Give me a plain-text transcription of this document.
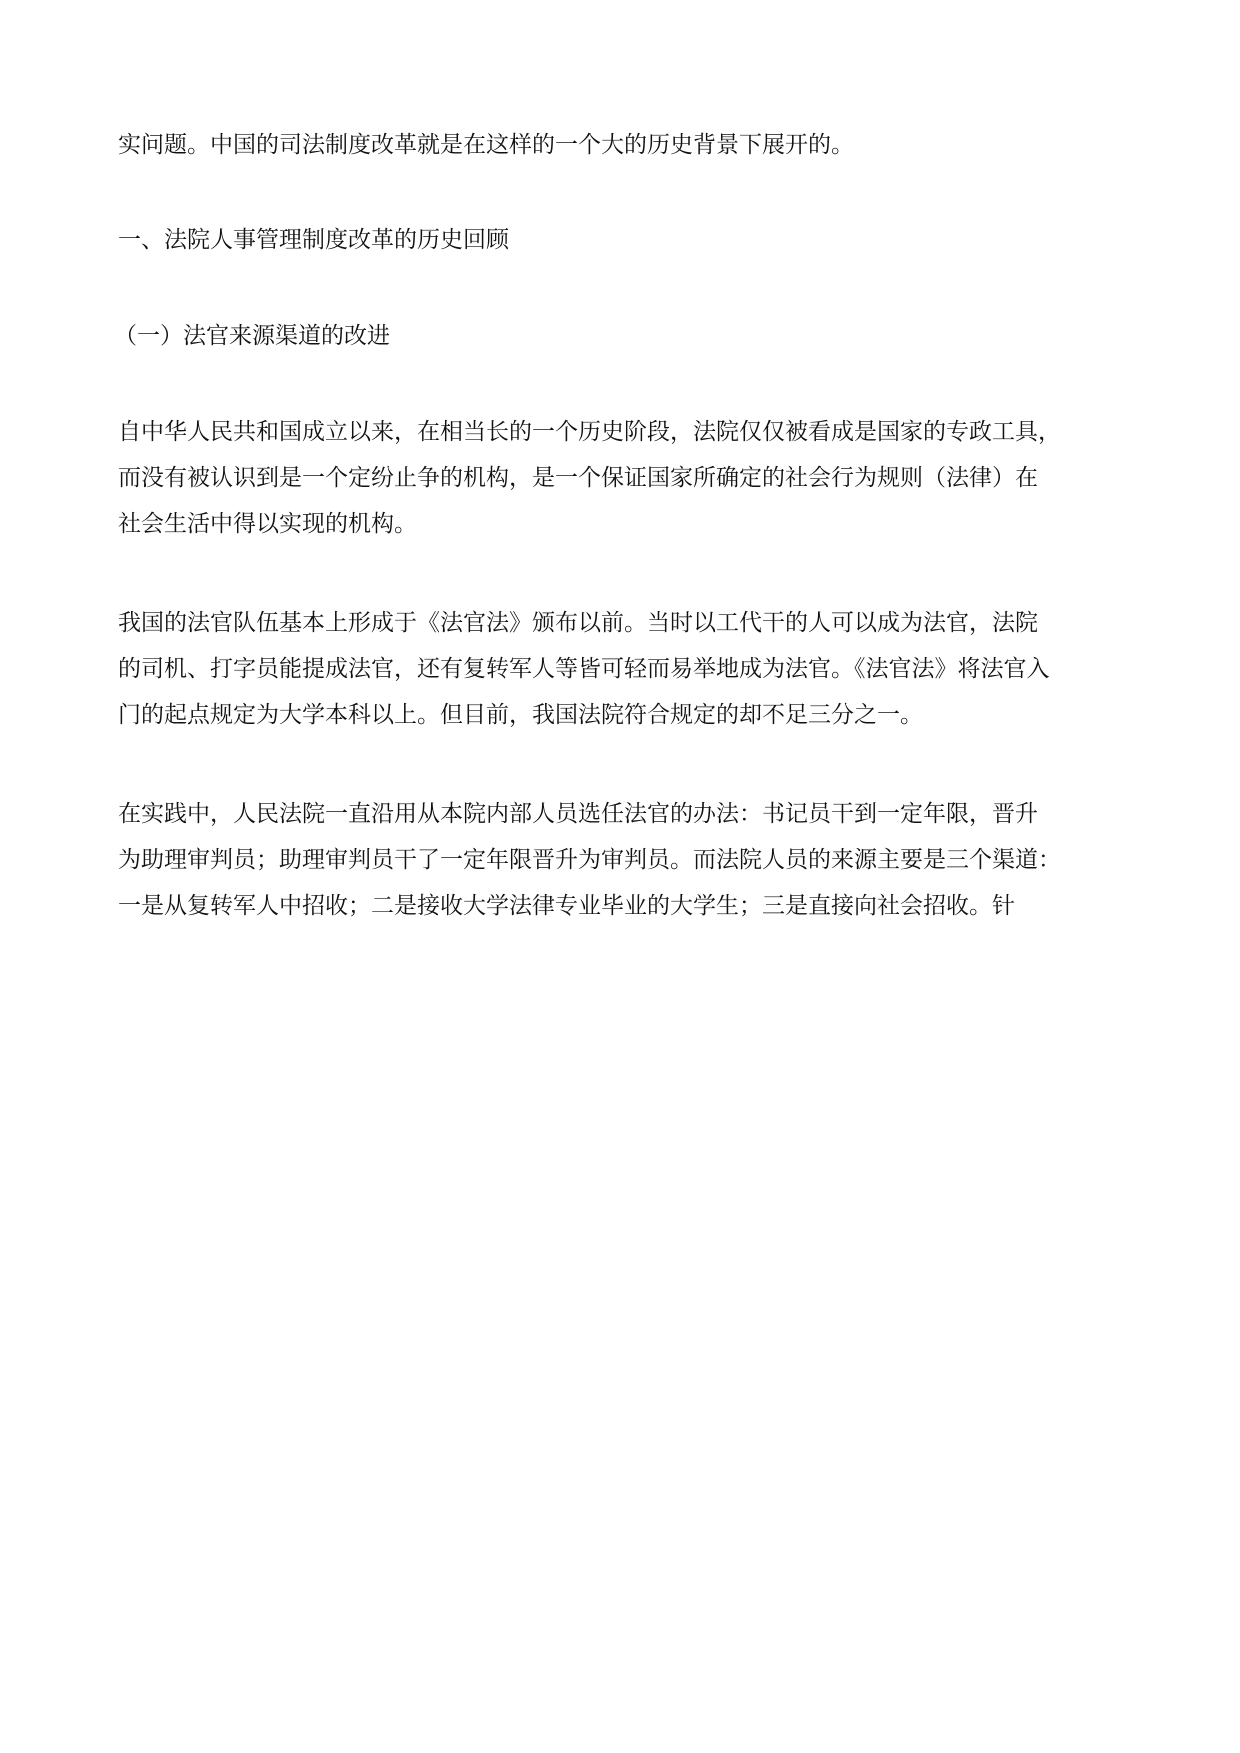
实问题。中国的司法制度改革就是在这样的一个大的历史背景下展开的。
一、法院人事管理制度改革的历史回顾
（一）法官来源渠道的改进
自中华人民共和国成立以来，在相当长的一个历史阶段，法院仅仅被看成是国家的专政工具，
而没有被认识到是一个定纷止争的机构，是一个保证国家所确定的社会行为规则（法律）在
社会生活中得以实现的机构。
我国的法官队伍基本上形成于《法官法》颁布以前。当时以工代干的人可以成为法官，法院
的司机、打字员能提成法官，还有复转军人等皆可轻而易举地成为法官。《法官法》将法官入
门的起点规定为大学本科以上。但目前，我国法院符合规定的却不足三分之一。
在实践中，人民法院一直沿用从本院内部人员选任法官的办法：书记员干到一定年限，晋升
为助理审判员；助理审判员干了一定年限晋升为审判员。而法院人员的来源主要是三个渠道：
一是从复转军人中招收；二是接收大学法律专业毕业的大学生；三是直接向社会招收。针
